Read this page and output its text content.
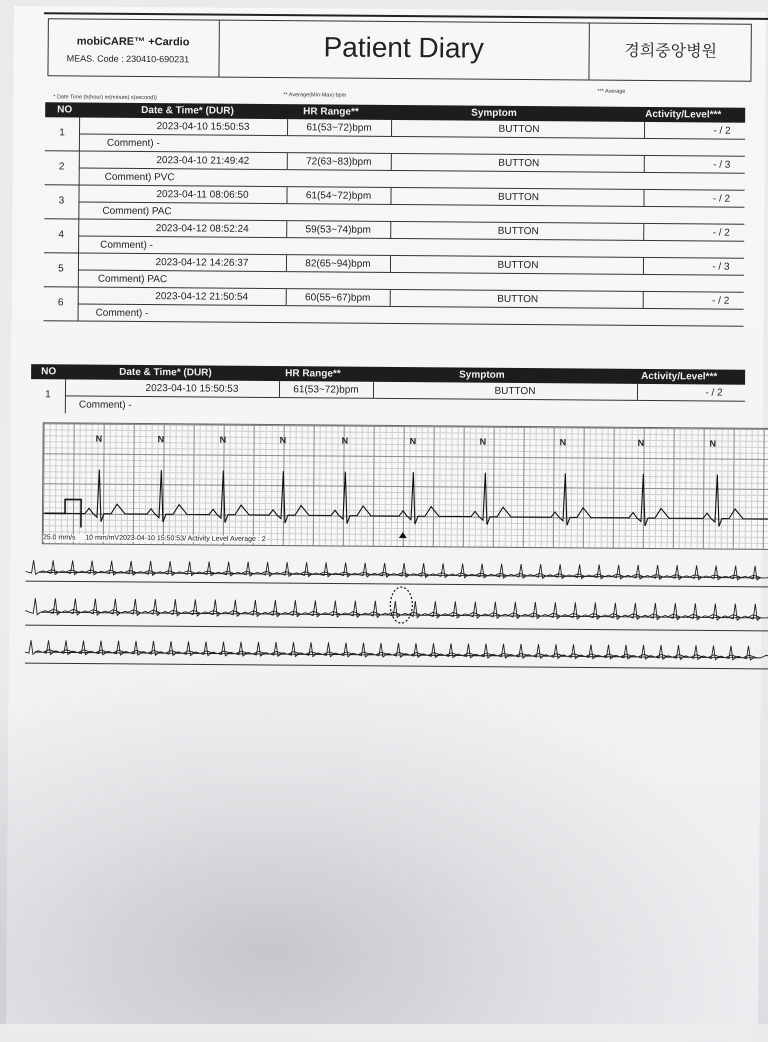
mobiCARE™ +Cardio
MEAS. Code : 230410-690231	Patient Diary	경희중앙병원
* Date Time (h(hour) m(minute) s(second))	** Average(Min-Max) bpm
*** Average
NO	Date & Time* (DUR)	HR Range**	Symptom	Activity/Level***
1
2023-04-10 15:50:53	61(53~72)bpm	BUTTON	- / 2
Comment) -
2
2023-04-10 21:49:42	72(63~83)bpm	BUTTON	- / 3
Comment) PVC
3
2023-04-11 08:06:50	61(54~72)bpm	BUTTON	- / 2
Comment) PAC
4
2023-04-12 08:52:24	59(53~74)bpm	BUTTON	- / 2
Comment) -
5
2023-04-12 14:26:37	82(65~94)bpm	BUTTON	- / 3
Comment) PAC
6
2023-04-12 21:50:54	60(55~67)bpm	BUTTON	- / 2
Comment) -
NO	Date & Time* (DUR)	HR Range**	Symptom	Activity/Level***
1
2023-04-10 15:50:53	61(53~72)bpm	BUTTON	- / 2
Comment) -
N	N	N	N	N	N	N	N	N	N
25.0 mm/s 10 mm/mV2023-04-10 15:50:53/ Activity Level Average : 2
